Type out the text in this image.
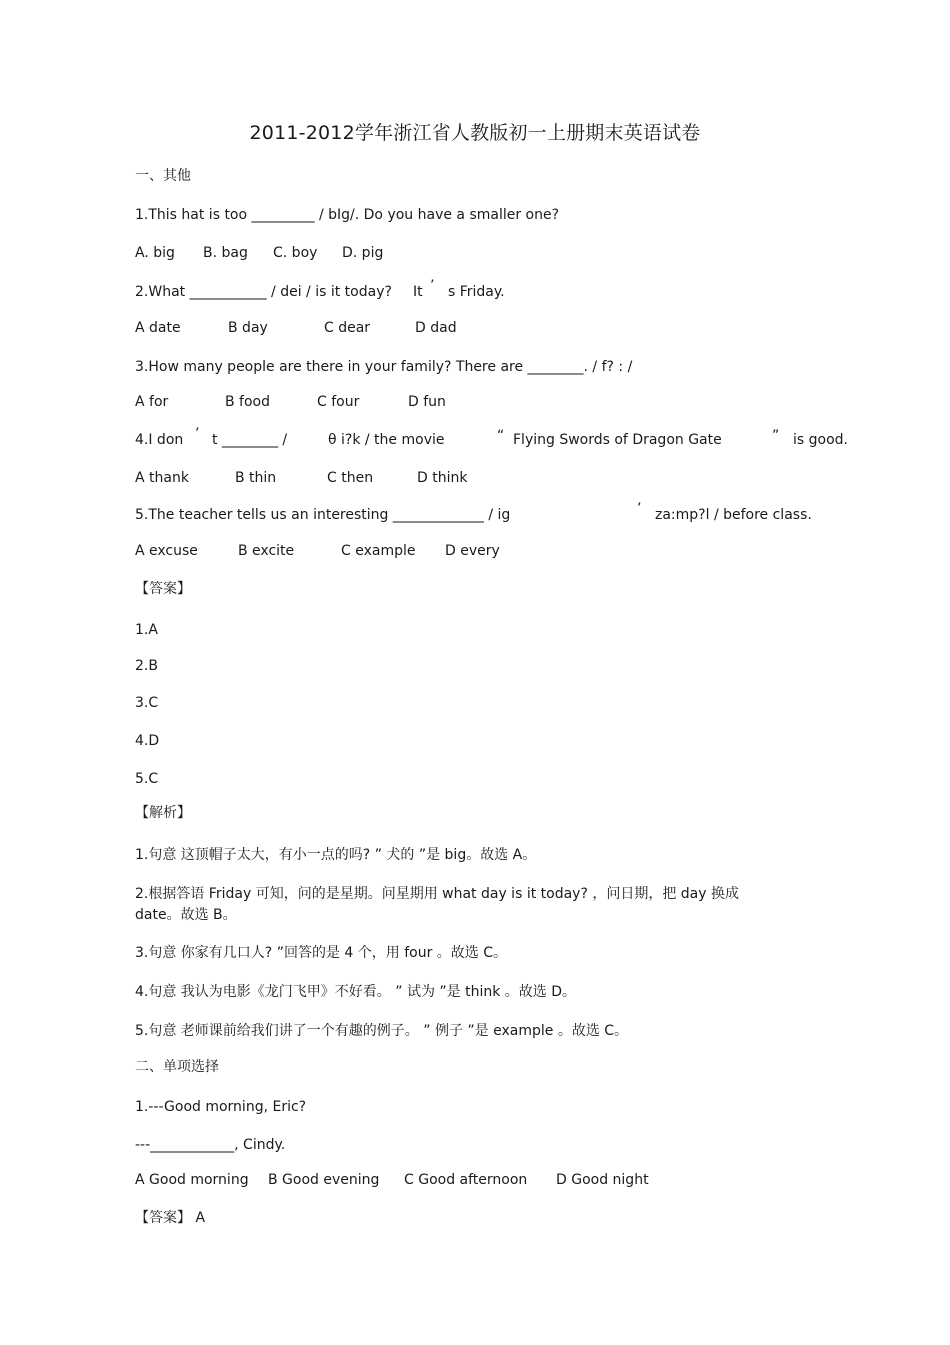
2011-2012学年浙江省人教版初一上册期末英语试卷
一、其他
1.This hat is too _________ / bIg/. Do you have a smaller one?
A. big B. bag C. boy D. pig
2.What ___________ / dei / is it today? It ’ s Friday.
A date	B day	C dear	D dad
3.How many people are there in your family? There are ________. / f? : /
A for	B food	C four	D fun
4.I don ’ t ________ /	θ i?k / the movie	“ Flying Swords of Dragon Gate	” is good.
A thank	B thin	C then	D think
5.The teacher tells us an interesting _____________ / ig	’ za:mp?l / before class.
A excuse	B excite	C example D every
【答案】
1.A
2.B
3.C
4.D
5.C
【解析】
1.句意 这顶帽子太大，有小一点的吗? ” 犬的 ”是 big。故选 A。
2.根据答语 Friday 可知，问的是星期。问星期用 what day is it today? ，问日期，把 day 换成
date。故选 B。
3.句意 你家有几口人? ”回答的是 4 个，用 four 。故选 C。
4.句意 我认为电影《龙门飞甲》不好看。 ” 试为 ”是 think 。故选 D。
5.句意 老师课前给我们讲了一个有趣的例子。 ” 例子 ”是 example 。故选 C。
二、单项选择
1.---Good morning, Eric?
---____________, Cindy.
A Good morning B Good evening C Good afternoon D Good night
【答案】 A
